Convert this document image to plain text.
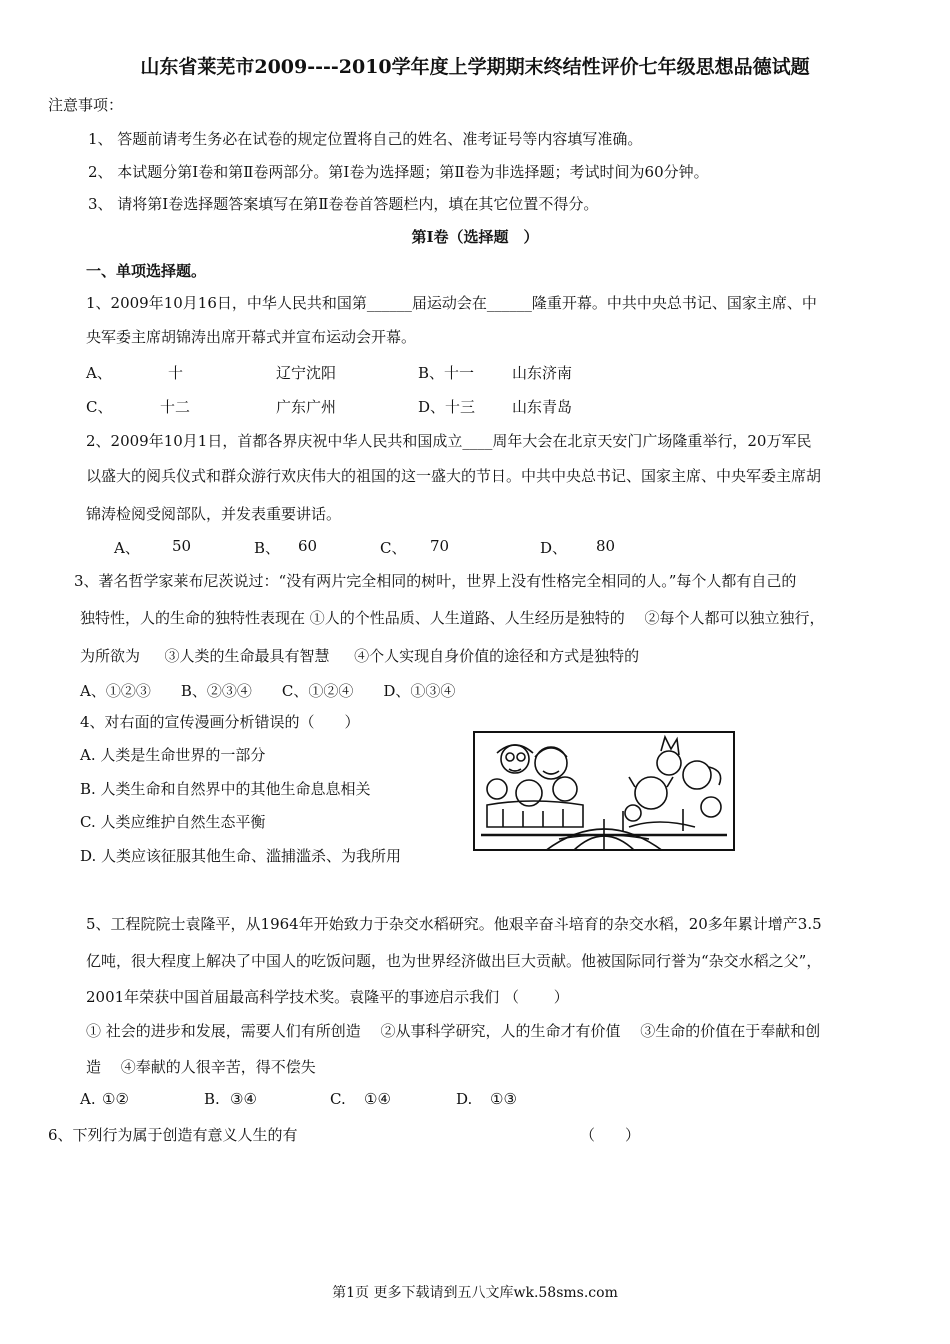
山东省莱芜市2009----2010学年度上学期期末终结性评价七年级思想品德试题
注意事项：
1、 答题前请考生务必在试卷的规定位置将自己的姓名、准考证号等内容填写准确。
2、 本试题分第Ⅰ卷和第Ⅱ卷两部分。第Ⅰ卷为选择题；第Ⅱ卷为非选择题；考试时间为60分钟。
3、 请将第Ⅰ卷选择题答案填写在第Ⅱ卷卷首答题栏内，填在其它位置不得分。
第Ⅰ卷（选择题　）
一、单项选择题。
1、2009年10月16日，中华人民共和国第______届运动会在______隆重开幕。中共中央总书记、国家主席、中
央军委主席胡锦涛出席开幕式并宣布运动会开幕。
A、	十	辽宁沈阳	B、十一	山东济南
C、	十二	广东广州	D、十三 山东青岛
2、2009年10月1日，首都各界庆祝中华人民共和国成立____周年大会在北京天安门广场隆重举行，20万军民
以盛大的阅兵仪式和群众游行欢庆伟大的祖国的这一盛大的节日。中共中央总书记、国家主席、中央军委主席胡
锦涛检阅受阅部队，并发表重要讲话。
A、 50	B、 60	C、 70	D、 80
3、著名哲学家莱布尼茨说过：“没有两片完全相同的树叶，世界上没有性格完全相同的人。”每个人都有自己的
独特性，人的生命的独特性表现在 ①人的个性品质、人生道路、人生经历是独特的 　②每个人都可以独立独行，
为所欲为 　 ③人类的生命最具有智慧 　 ④个人实现自身价值的途径和方式是独特的
A、①②③　　B、②③④　　C、①②④　　D、①③④
4、对右面的宣传漫画分析错误的（　　）
A. 人类是生命世界的一部分
B. 人类生命和自然界中的其他生命息息相关
C. 人类应维护自然生态平衡
D. 人类应该征服其他生命、滥捕滥杀、为我所用
5、工程院院士袁隆平，从1964年开始致力于杂交水稻研究。他艰辛奋斗培育的杂交水稻，20多年累计增产3.5
亿吨，很大程度上解决了中国人的吃饭问题，也为世界经济做出巨大贡献。他被国际同行誉为“杂交水稻之父”，
2001年荣获中国首届最高科学技术奖。袁隆平的事迹启示我们 （　　 ）
① 社会的进步和发展，需要人们有所创造 　②从事科学研究，人的生命才有价值 　③生命的价值在于奉献和创
造 　④奉献的人很辛苦，得不偿失
A. ①②	B. ③④	C. ①④	D. ①③
6、下列行为属于创造有意义人生的有	（　　）
第1页 更多下载请到五八文库wk.58sms.com
